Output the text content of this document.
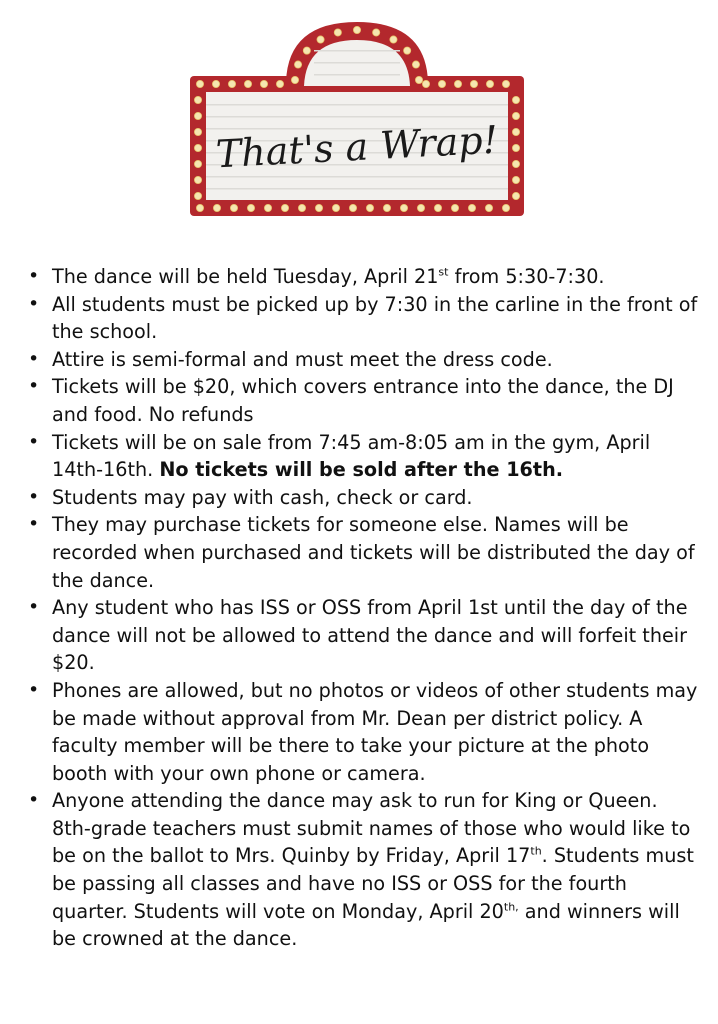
That's a Wrap!
• The dance will be held Tuesday, April 21st from 5:30-7:30.
• All students must be picked up by 7:30 in the carline in the front of the school.
• Attire is semi-formal and must meet the dress code.
• Tickets will be $20, which covers entrance into the dance, the DJ and food. No refunds
• Tickets will be on sale from 7:45 am-8:05 am in the gym, April 14th-16th. No tickets will be sold after the 16th.
• Students may pay with cash, check or card.
• They may purchase tickets for someone else. Names will be recorded when purchased and tickets will be distributed the day of the dance.
• Any student who has ISS or OSS from April 1st until the day of the dance will not be allowed to attend the dance and will forfeit their $20.
• Phones are allowed, but no photos or videos of other students may be made without approval from Mr. Dean per district policy. A faculty member will be there to take your picture at the photo booth with your own phone or camera.
• Anyone attending the dance may ask to run for King or Queen. 8th-grade teachers must submit names of those who would like to be on the ballot to Mrs. Quinby by Friday, April 17th. Students must be passing all classes and have no ISS or OSS for the fourth quarter. Students will vote on Monday, April $20^{th,}$ and winners will be crowned at the dance.
